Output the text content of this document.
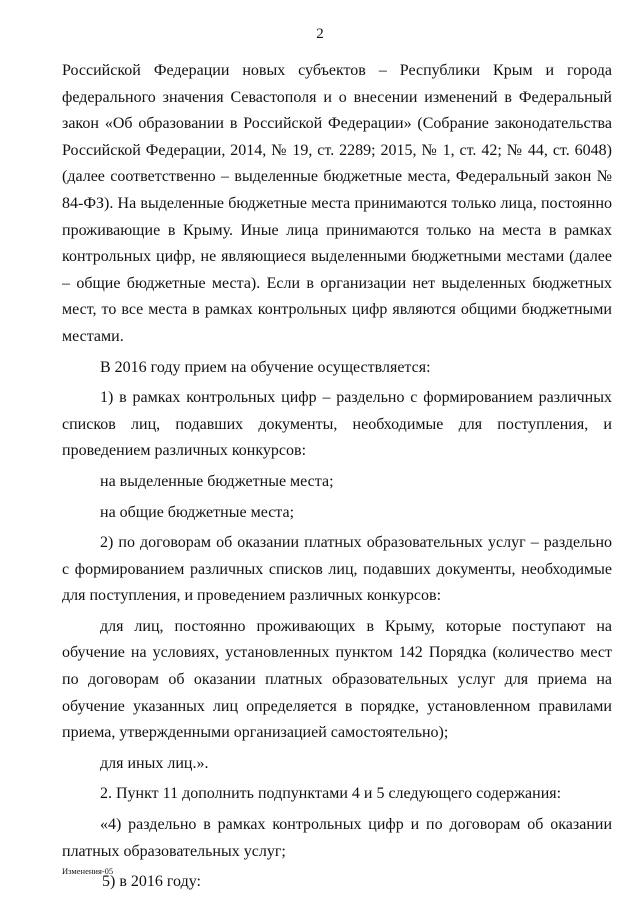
2

Российской Федерации новых субъектов – Республики Крым и города федерального значения Севастополя и о внесении изменений в Федеральный закон «Об образовании в Российской Федерации» (Собрание законодательства Российской Федерации, 2014, № 19, ст. 2289; 2015, № 1, ст. 42; № 44, ст. 6048) (далее соответственно – выделенные бюджетные места, Федеральный закон № 84-ФЗ). На выделенные бюджетные места принимаются только лица, постоянно проживающие в Крыму. Иные лица принимаются только на места в рамках контрольных цифр, не являющиеся выделенными бюджетными местами (далее – общие бюджетные места). Если в организации нет выделенных бюджетных мест, то все места в рамках контрольных цифр являются общими бюджетными местами.

В 2016 году прием на обучение осуществляется:

1) в рамках контрольных цифр – раздельно с формированием различных списков лиц, подавших документы, необходимые для поступления, и проведением различных конкурсов:

на выделенные бюджетные места;

на общие бюджетные места;

2) по договорам об оказании платных образовательных услуг – раздельно с формированием различных списков лиц, подавших документы, необходимые для поступления, и проведением различных конкурсов:

для лиц, постоянно проживающих в Крыму, которые поступают на обучение на условиях, установленных пунктом 142 Порядка (количество мест по договорам об оказании платных образовательных услуг для приема на обучение указанных лиц определяется в порядке, установленном правилами приема, утвержденными организацией самостоятельно);

для иных лиц.».

2. Пункт 11 дополнить подпунктами 4 и 5 следующего содержания:

«4) раздельно в рамках контрольных цифр и по договорам об оказании платных образовательных услуг;

5) в 2016 году:

Изменения-05
